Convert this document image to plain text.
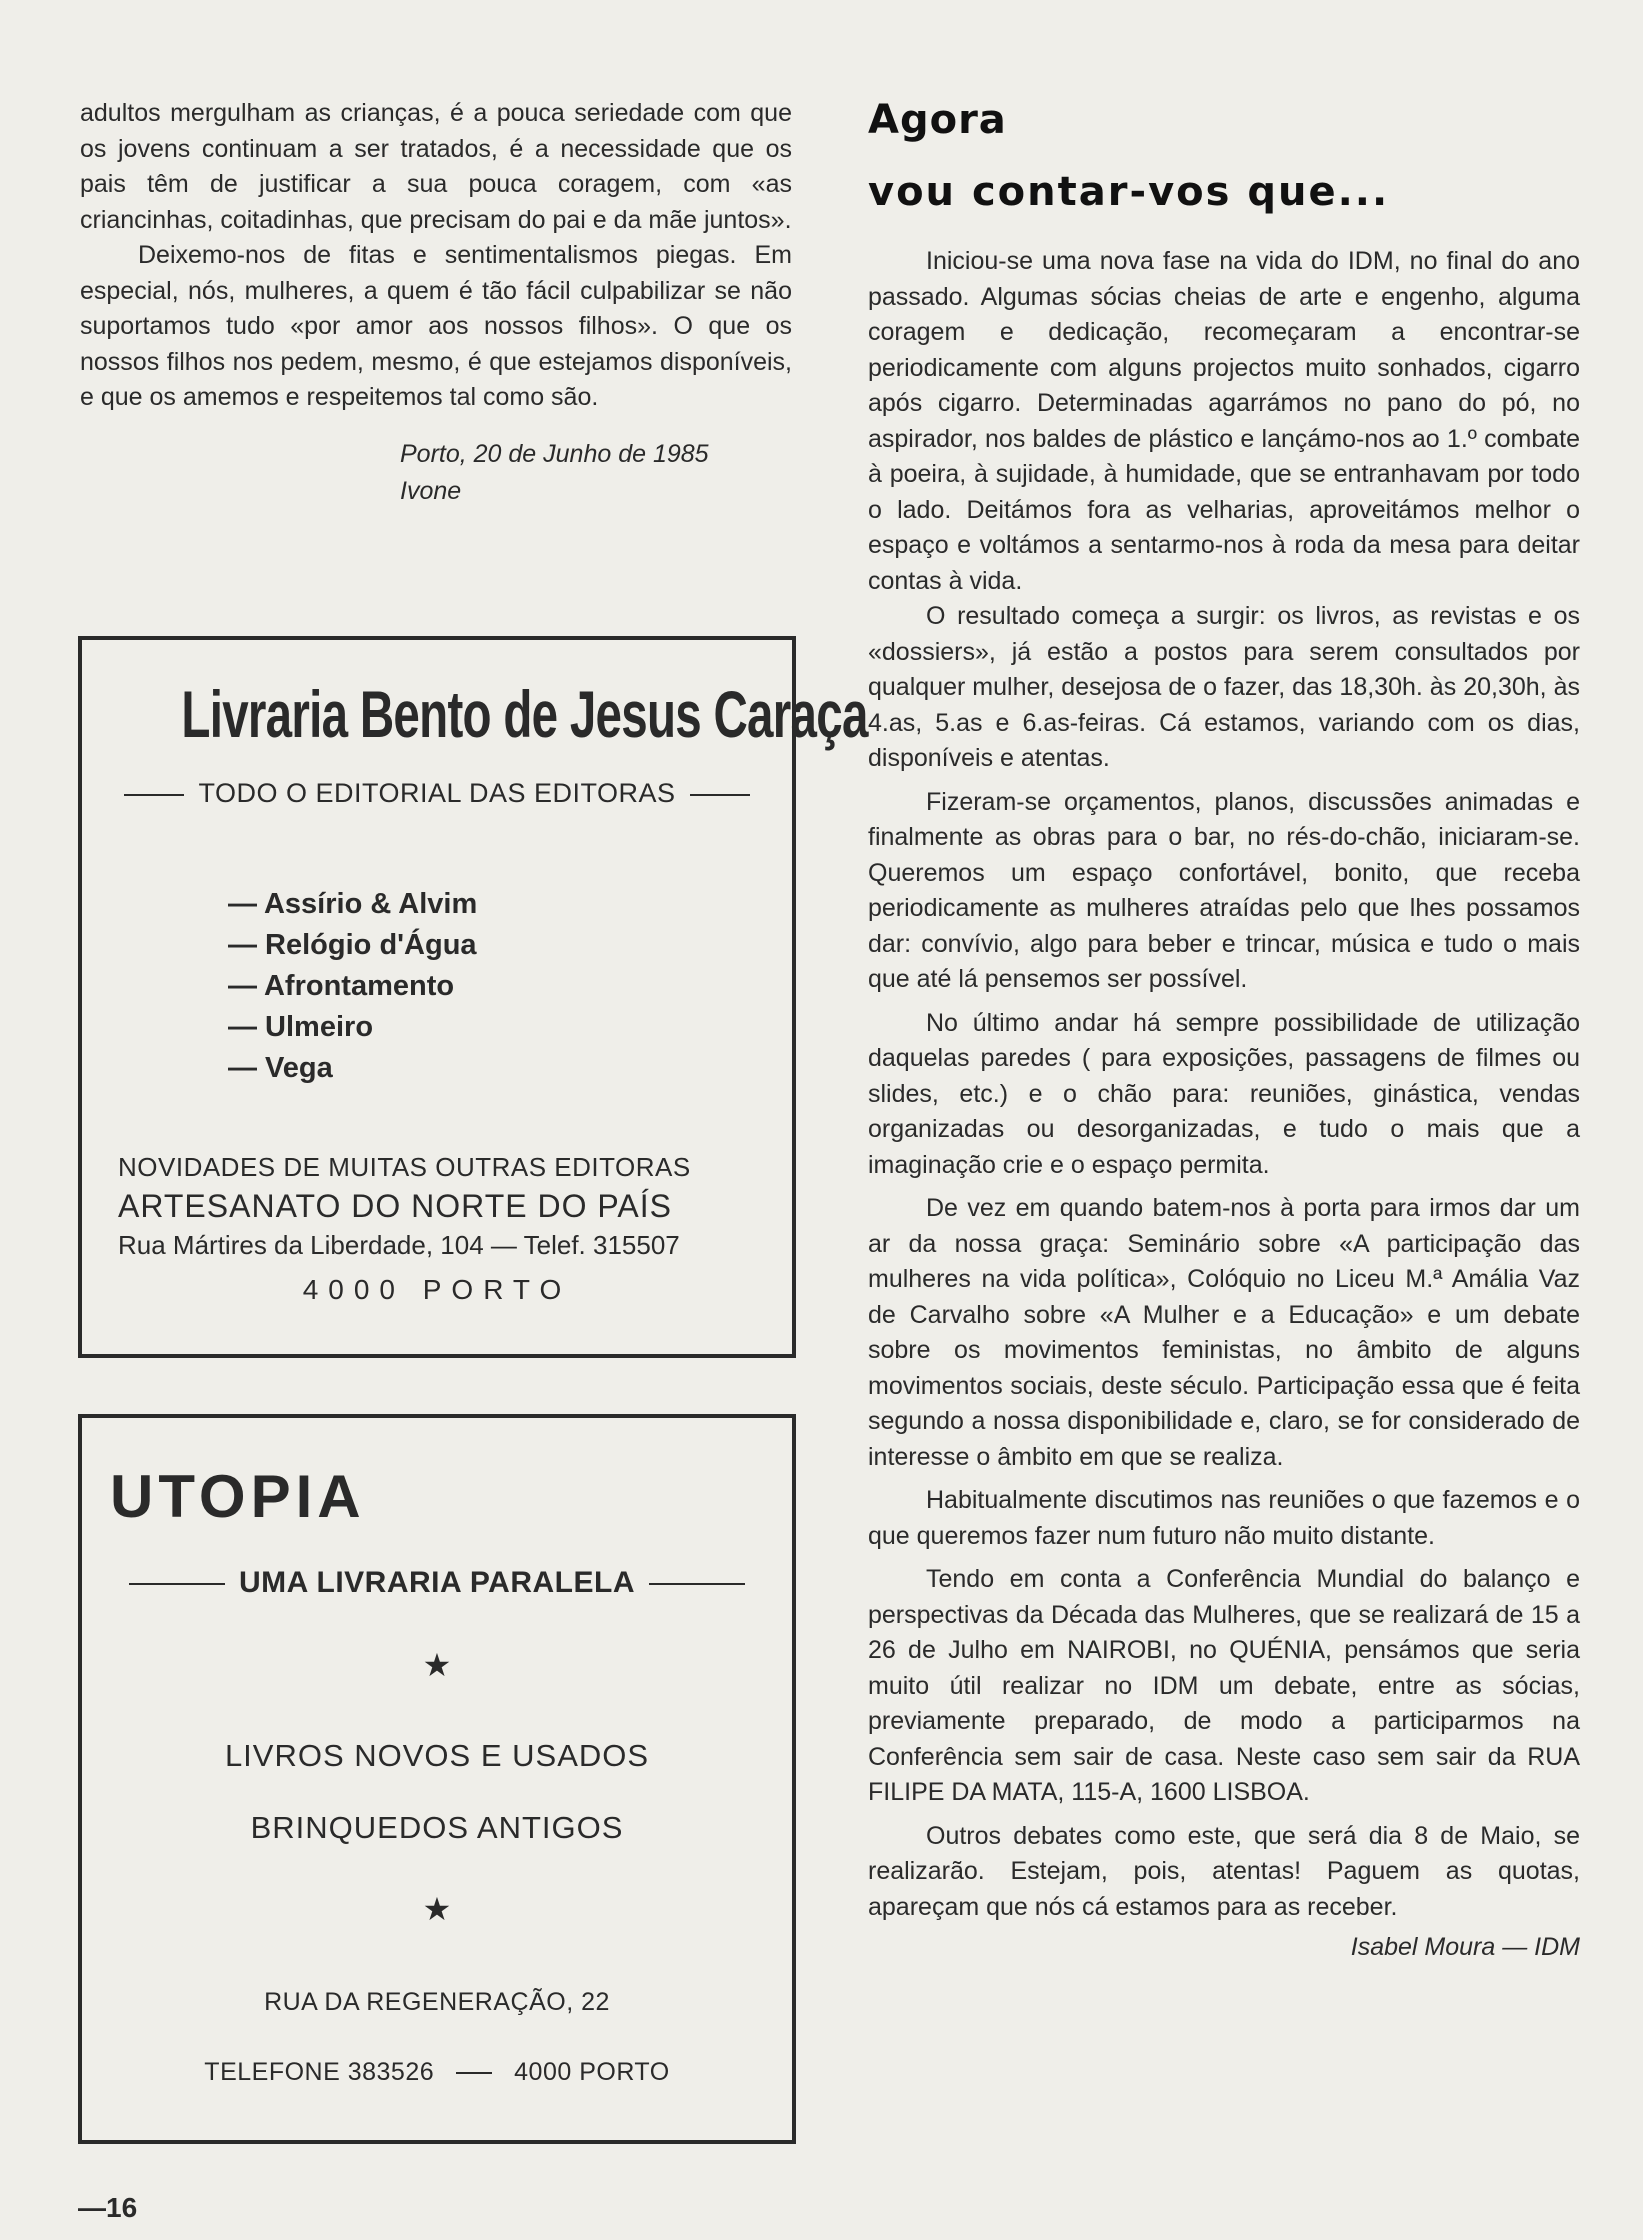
adultos mergulham as crianças, é a pouca seriedade com que os jovens continuam a ser tratados, é a necessidade que os pais têm de justificar a sua pouca coragem, com «as criancinhas, coitadinhas, que precisam do pai e da mãe juntos».

Deixemo-nos de fitas e sentimentalismos piegas. Em especial, nós, mulheres, a quem é tão fácil culpabilizar se não suportamos tudo «por amor aos nossos filhos». O que os nossos filhos nos pedem, mesmo, é que estejamos disponíveis, e que os amemos e respeitemos tal como são.

Porto, 20 de Junho de 1985
Ivone
Livraria Bento de Jesus Caraça
TODO O EDITORIAL DAS EDITORAS
— Assírio & Alvim
— Relógio d'Água
— Afrontamento
— Ulmeiro
— Vega
NOVIDADES DE MUITAS OUTRAS EDITORAS
ARTESANATO DO NORTE DO PAÍS
Rua Mártires da Liberdade, 104 — Telef. 315507
4000 PORTO
UTOPIA
UMA LIVRARIA PARALELA
★
LIVROS NOVOS E USADOS
BRINQUEDOS ANTIGOS
★
RUA DA REGENERAÇÃO, 22
TELEFONE 383526	4000 PORTO
Agora
vou contar-vos que...

Iniciou-se uma nova fase na vida do IDM, no final do ano passado. Algumas sócias cheias de arte e engenho, alguma coragem e dedicação, recomeçaram a encontrar-se periodicamente com alguns projectos muito sonhados, cigarro após cigarro. Determinadas agarrámos no pano do pó, no aspirador, nos baldes de plástico e lançámo-nos ao 1.º combate à poeira, à sujidade, à humidade, que se entranhavam por todo o lado. Deitámos fora as velharias, aproveitámos melhor o espaço e voltámos a sentarmo-nos à roda da mesa para deitar contas à vida.

O resultado começa a surgir: os livros, as revistas e os «dossiers», já estão a postos para serem consultados por qualquer mulher, desejosa de o fazer, das 18,30h. às 20,30h, às 4.as, 5.as e 6.as-feiras. Cá estamos, variando com os dias, disponíveis e atentas.

Fizeram-se orçamentos, planos, discussões animadas e finalmente as obras para o bar, no rés-do-chão, iniciaram-se. Queremos um espaço confortável, bonito, que receba periodicamente as mulheres atraídas pelo que lhes possamos dar: convívio, algo para beber e trincar, música e tudo o mais que até lá pensemos ser possível.

No último andar há sempre possibilidade de utilização daquelas paredes ( para exposições, passagens de filmes ou slides, etc.) e o chão para: reuniões, ginástica, vendas organizadas ou desorganizadas, e tudo o mais que a imaginação crie e o espaço permita.

De vez em quando batem-nos à porta para irmos dar um ar da nossa graça: Seminário sobre «A participação das mulheres na vida política», Colóquio no Liceu M.ª Amália Vaz de Carvalho sobre «A Mulher e a Educação» e um debate sobre os movimentos feministas, no âmbito de alguns movimentos sociais, deste século. Participação essa que é feita segundo a nossa disponibilidade e, claro, se for considerado de interesse o âmbito em que se realiza.

Habitualmente discutimos nas reuniões o que fazemos e o que queremos fazer num futuro não muito distante.

Tendo em conta a Conferência Mundial do balanço e perspectivas da Década das Mulheres, que se realizará de 15 a 26 de Julho em NAIROBI, no QUÉNIA, pensámos que seria muito útil realizar no IDM um debate, entre as sócias, previamente preparado, de modo a participarmos na Conferência sem sair de casa. Neste caso sem sair da RUA FILIPE DA MATA, 115-A, 1600 LISBOA.

Outros debates como este, que será dia 8 de Maio, se realizarão. Estejam, pois, atentas! Paguem as quotas, apareçam que nós cá estamos para as receber.

Isabel Moura — IDM
—16
